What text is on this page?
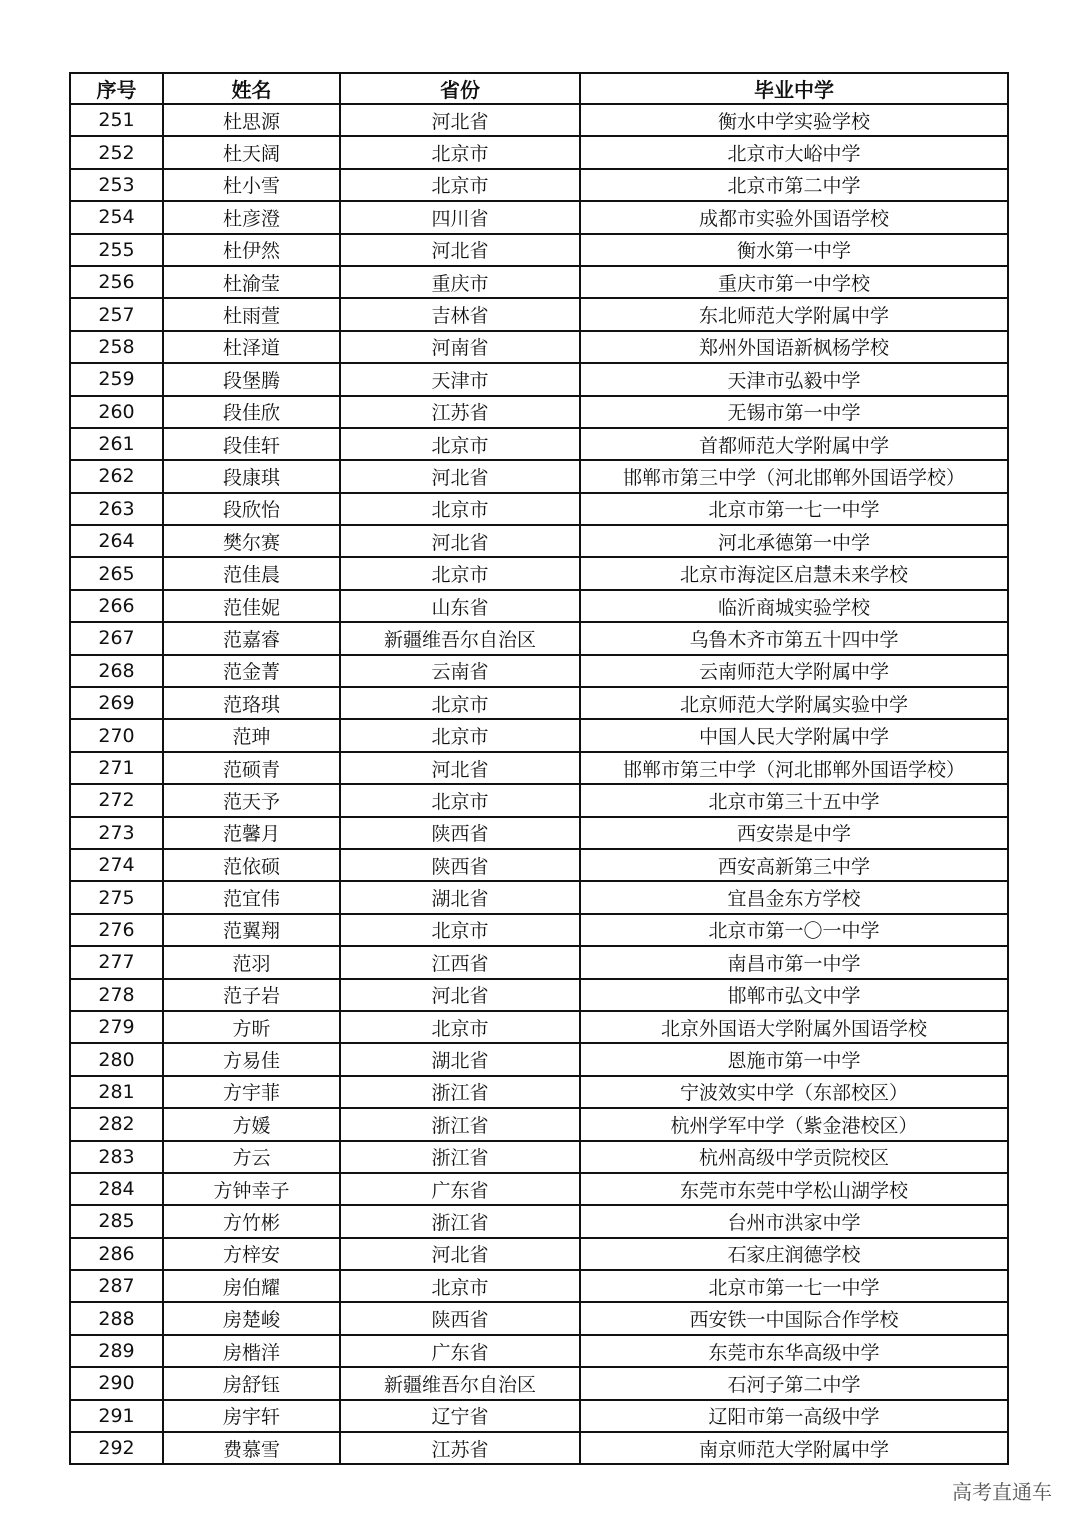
序号	姓名	省份	毕业中学
251	杜思源	河北省	衡水中学实验学校
252	杜天阔	北京市	北京市大峪中学
253	杜小雪	北京市	北京市第二中学
254	杜彦澄	四川省	成都市实验外国语学校
255	杜伊然	河北省	衡水第一中学
256	杜渝莹	重庆市	重庆市第一中学校
257	杜雨萱	吉林省	东北师范大学附属中学
258	杜泽道	河南省	郑州外国语新枫杨学校
259	段堡腾	天津市	天津市弘毅中学
260	段佳欣	江苏省	无锡市第一中学
261	段佳轩	北京市	首都师范大学附属中学
262	段康琪	河北省	邯郸市第三中学（河北邯郸外国语学校）
263	段欣怡	北京市	北京市第一七一中学
264	樊尔赛	河北省	河北承德第一中学
265	范佳晨	北京市	北京市海淀区启慧未来学校
266	范佳妮	山东省	临沂商城实验学校
267	范嘉睿	新疆维吾尔自治区	乌鲁木齐市第五十四中学
268	范金菁	云南省	云南师范大学附属中学
269	范珞琪	北京市	北京师范大学附属实验中学
270	范珅	北京市	中国人民大学附属中学
271	范硕青	河北省	邯郸市第三中学（河北邯郸外国语学校）
272	范天予	北京市	北京市第三十五中学
273	范馨月	陕西省	西安崇是中学
274	范依硕	陕西省	西安高新第三中学
275	范宜伟	湖北省	宜昌金东方学校
276	范翼翔	北京市	北京市第一〇一中学
277	范羽	江西省	南昌市第一中学
278	范子岩	河北省	邯郸市弘文中学
279	方昕	北京市	北京外国语大学附属外国语学校
280	方易佳	湖北省	恩施市第一中学
281	方宇菲	浙江省	宁波效实中学（东部校区）
282	方媛	浙江省	杭州学军中学（紫金港校区）
283	方云	浙江省	杭州高级中学贡院校区
284	方钟幸子	广东省	东莞市东莞中学松山湖学校
285	方竹彬	浙江省	台州市洪家中学
286	方梓安	河北省	石家庄润德学校
287	房伯耀	北京市	北京市第一七一中学
288	房楚峻	陕西省	西安铁一中国际合作学校
289	房楷洋	广东省	东莞市东华高级中学
290	房舒钰	新疆维吾尔自治区	石河子第二中学
291	房宇轩	辽宁省	辽阳市第一高级中学
292	费慕雪	江苏省	南京师范大学附属中学
高考直通车
